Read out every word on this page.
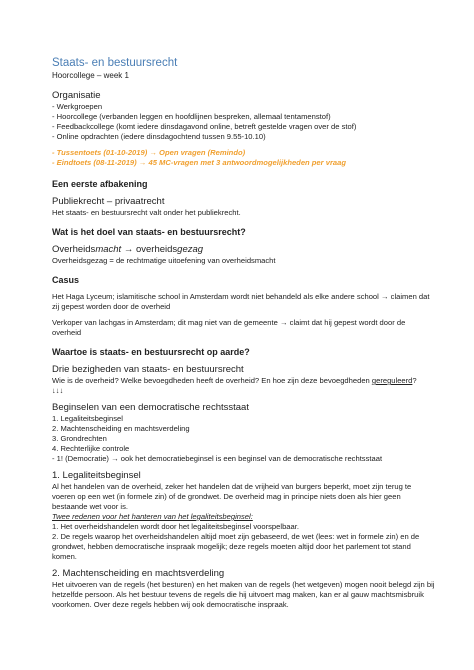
Staats- en bestuursrecht

Hoorcollege – week 1

Organisatie

- Werkgroepen

- Hoorcollege (verbanden leggen en hoofdlijnen bespreken, allemaal tentamenstof)

- Feedbackcollege (komt iedere dinsdagavond online, betreft gestelde vragen over de stof)

- Online opdrachten (iedere dinsdagochtend tussen 9.55-10.10)

- Tussentoets (01-10-2019) → Open vragen (Remindo)

- Eindtoets (08-11-2019) → 45 MC-vragen met 3 antwoordmogelijkheden per vraag

Een eerste afbakening

Publiekrecht – privaatrecht

Het staats- en bestuursrecht valt onder het publiekrecht.

Wat is het doel van staats- en bestuursrecht?

Overheidsmacht → overheidsgezag

Overheidsgezag = de rechtmatige uitoefening van overheidsmacht

Casus

Het Haga Lyceum; islamitische school in Amsterdam wordt niet behandeld als elke andere school → claimen dat zij gepest worden door de overheid

Verkoper van lachgas in Amsterdam; dit mag niet van de gemeente → claimt dat hij gepest wordt door de overheid

Waartoe is staats- en bestuursrecht op aarde?

Drie bezigheden van staats- en bestuursrecht

Wie is de overheid? Welke bevoegdheden heeft de overheid? En hoe zijn deze bevoegdheden gereguleerd?

↓↓↓

Beginselen van een democratische rechtsstaat

1. Legaliteitsbeginsel

2. Machtenscheiding en machtsverdeling

3. Grondrechten

4. Rechterlijke controle

- 1! (Democratie) → ook het democratiebeginsel is een beginsel van de democratische rechtsstaat

1. Legaliteitsbeginsel

Al het handelen van de overheid, zeker het handelen dat de vrijheid van burgers beperkt, moet zijn terug te voeren op een wet (in formele zin) of de grondwet. De overheid mag in principe niets doen als hier geen bestaande wet voor is.

Twee redenen voor het hanteren van het legaliteitsbeginsel:

1. Het overheidshandelen wordt door het legaliteitsbeginsel voorspelbaar.

2. De regels waarop het overheidshandelen altijd moet zijn gebaseerd, de wet (lees: wet in formele zin) en de grondwet, hebben democratische inspraak mogelijk; deze regels moeten altijd door het parlement tot stand komen.

2. Machtenscheiding en machtsverdeling

Het uitvoeren van de regels (het besturen) en het maken van de regels (het wetgeven) mogen nooit belegd zijn bij hetzelfde persoon. Als het bestuur tevens de regels die hij uitvoert mag maken, kan er al gauw machtsmisbruik voorkomen. Over deze regels hebben wij ook democratische inspraak.
